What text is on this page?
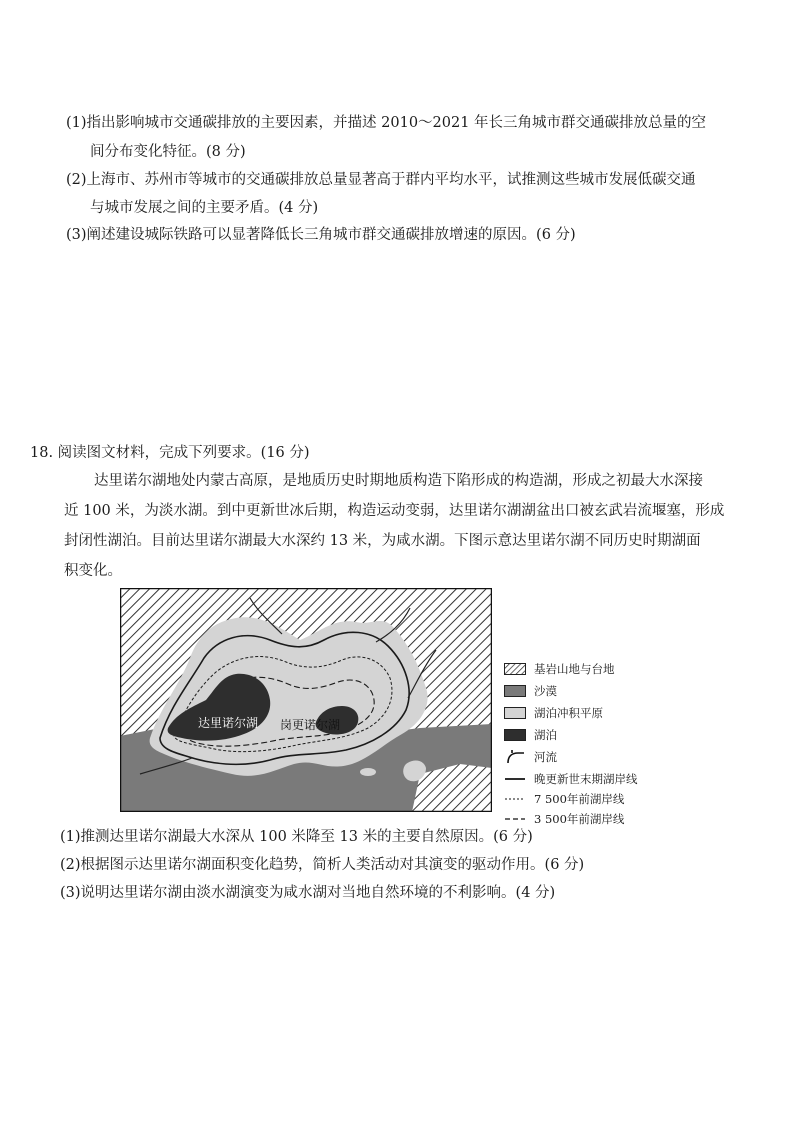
(1)指出影响城市交通碳排放的主要因素，并描述 2010～2021 年长三角城市群交通碳排放总量的空
间分布变化特征。(8 分)
(2)上海市、苏州市等城市的交通碳排放总量显著高于群内平均水平，试推测这些城市发展低碳交通
与城市发展之间的主要矛盾。(4 分)
(3)阐述建设城际铁路可以显著降低长三角城市群交通碳排放增速的原因。(6 分)
18. 阅读图文材料，完成下列要求。(16 分)
达里诺尔湖地处内蒙古高原，是地质历史时期地质构造下陷形成的构造湖，形成之初最大水深接
近 100 米，为淡水湖。到中更新世冰后期，构造运动变弱，达里诺尔湖湖盆出口被玄武岩流堰塞，形成
封闭性湖泊。目前达里诺尔湖最大水深约 13 米，为咸水湖。下图示意达里诺尔湖不同历史时期湖面
积变化。
达里诺尔湖 岗更诺尔湖
基岩山地与台地
沙漠
湖泊冲积平原
湖泊
河流
晚更新世末期湖岸线
7 500年前湖岸线
3 500年前湖岸线
(1)推测达里诺尔湖最大水深从 100 米降至 13 米的主要自然原因。(6 分)
(2)根据图示达里诺尔湖面积变化趋势，简析人类活动对其演变的驱动作用。(6 分)
(3)说明达里诺尔湖由淡水湖演变为咸水湖对当地自然环境的不利影响。(4 分)
